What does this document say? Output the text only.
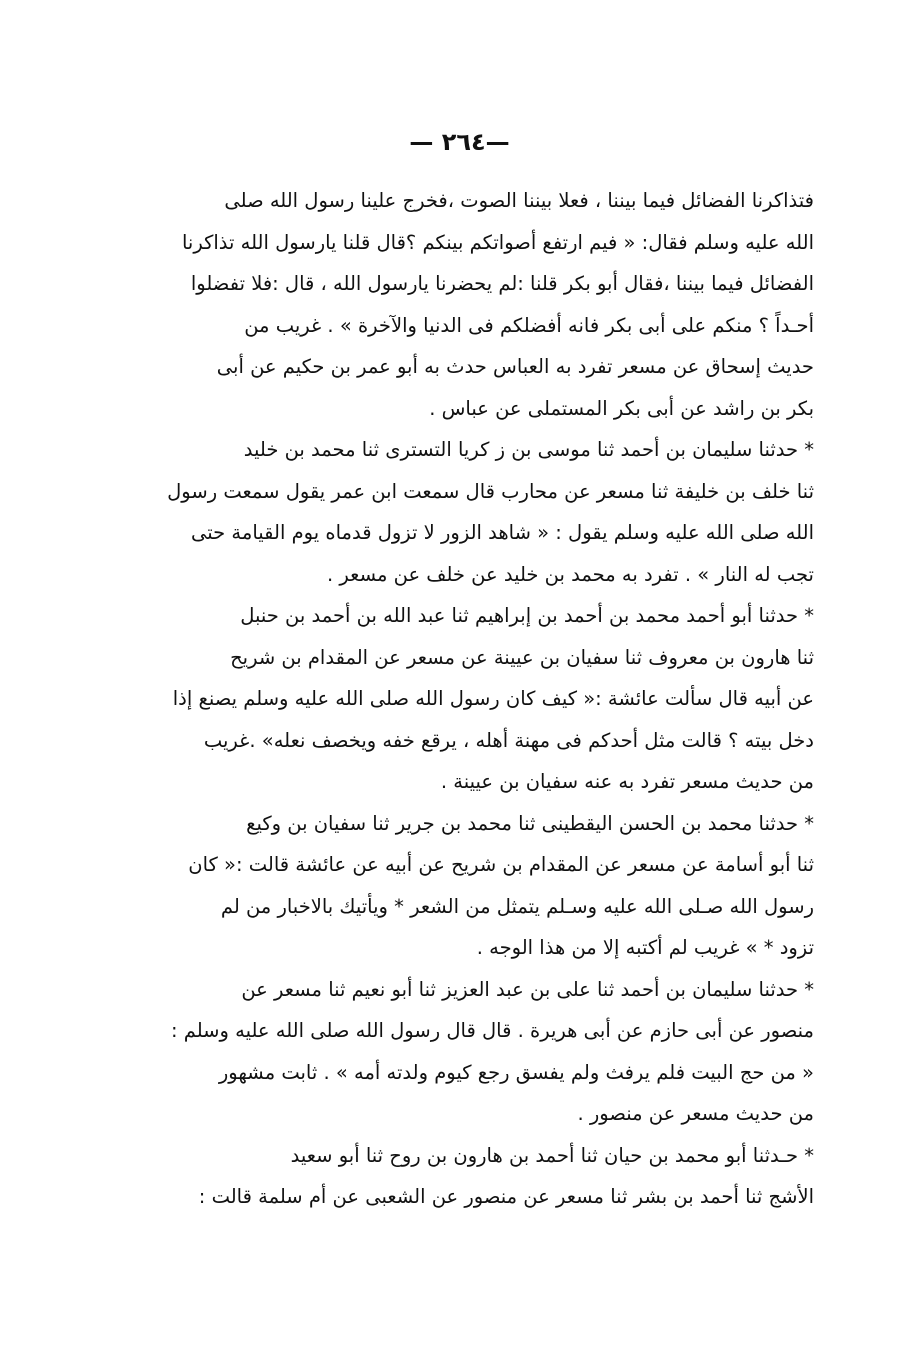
—٢٦٤ —
فتذاكرنا الفضائل فيما بيننا ، فعلا بيننا الصوت ،فخرج علينا رسول الله صلى
الله عليه وسلم فقال: « فيم ارتفع أصواتكم بينكم ؟قال قلنا يارسول الله تذاكرنا
الفضائل فيما بيننا ،فقال أبو بكر قلنا :لم يحضرنا يارسول الله ، قال :فلا تفضلوا
أحـداً ؟ منكم على أبى بكر فانه أفضلكم فى الدنيا والآخرة » . غريب من
حديث إسحاق عن مسعر تفرد به العباس حدث به أبو عمر بن حكيم عن أبى
بكر بن راشد عن أبى بكر المستملى عن عباس .
* حدثنا سليمان بن أحمد ثنا موسى بن ز كريا التسترى ثنا محمد بن خليد
ثنا خلف بن خليفة ثنا مسعر عن محارب قال سمعت ابن عمر يقول سمعت رسول
الله صلى الله عليه وسلم يقول : « شاهد الزور لا تزول قدماه يوم القيامة حتى
تجب له النار » . تفرد به محمد بن خليد عن خلف عن مسعر .
* حدثنا أبو أحمد محمد بن أحمد بن إبراهيم ثنا عبد الله بن أحمد بن حنبل
ثنا هارون بن معروف ثنا سفيان بن عيينة عن مسعر عن المقدام بن شريح
عن أبيه قال سألت عائشة :« كيف كان رسول الله صلى الله عليه وسلم يصنع إذا
دخل بيته ؟ قالت مثل أحدكم فى مهنة أهله ، يرقع خفه ويخصف نعله» .غريب
من حديث مسعر تفرد به عنه سفيان بن عيينة .
* حدثنا محمد بن الحسن اليقطينى ثنا محمد بن جرير ثنا سفيان بن وكيع
ثنا أبو أسامة عن مسعر عن المقدام بن شريح عن أبيه عن عائشة قالت :« كان
رسول الله صـلى الله عليه وسـلم يتمثل من الشعر * ويأتيك بالاخبار من لم
تزود * » غريب لم أكتبه إلا من هذا الوجه .
* حدثنا سليمان بن أحمد ثنا على بن عبد العزيز ثنا أبو نعيم ثنا مسعر عن
منصور عن أبى حازم عن أبى هريرة . قال قال رسول الله صلى الله عليه وسلم :
« من حج البيت فلم يرفث ولم يفسق رجع كيوم ولدته أمه » . ثابت مشهور
من حديث مسعر عن منصور .
* حـدثنا أبو محمد بن حيان ثنا أحمد بن هارون بن روح ثنا أبو سعيد
الأشج ثنا أحمد بن بشر ثنا مسعر عن منصور عن الشعبى عن أم سلمة قالت :
